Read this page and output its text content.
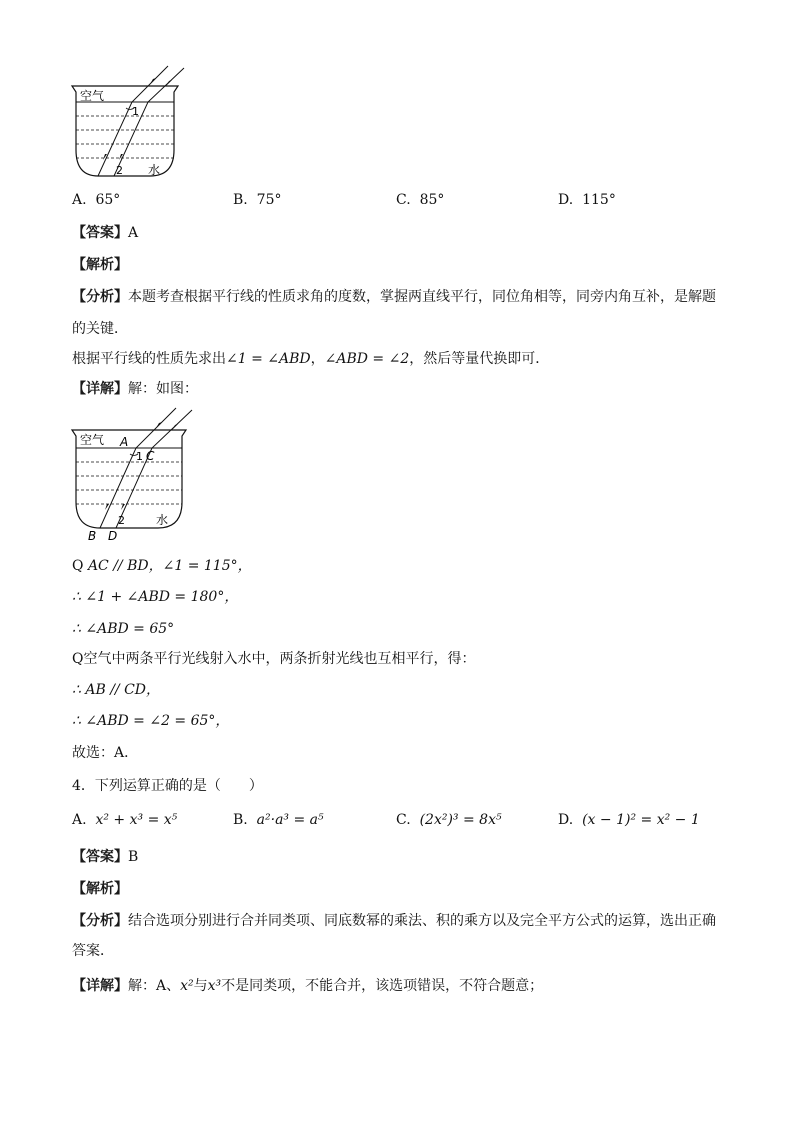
空气
1
2 水
A. 65°	B. 75°	C. 85°	D. 115°
【答案】A
【解析】
【分析】本题考查根据平行线的性质求角的度数，掌握两直线平行，同位角相等，同旁内角互补，是解题
的关键．
根据平行线的性质先求出∠1 = ∠ABD，∠ABD = ∠2，然后等量代换即可．
【详解】解：如图：
空气 A
1 C
2	水
B D
Q AC // BD，∠1 = 115°，
∴ ∠1 + ∠ABD = 180°，
∴ ∠ABD = 65°
Q空气中两条平行光线射入水中，两条折射光线也互相平行，得：
∴ AB // CD，
∴ ∠ABD = ∠2 = 65°，
故选：A．
4．下列运算正确的是（　　）
A. x² + x³ = x⁵	B. a²·a³ = a⁵	C. (2x²)³ = 8x⁵	D. (x − 1)² = x² − 1
【答案】B
【解析】
【分析】结合选项分别进行合并同类项、同底数幂的乘法、积的乘方以及完全平方公式的运算，选出正确
答案．
【详解】解：A、x²与x³不是同类项，不能合并，该选项错误，不符合题意；
